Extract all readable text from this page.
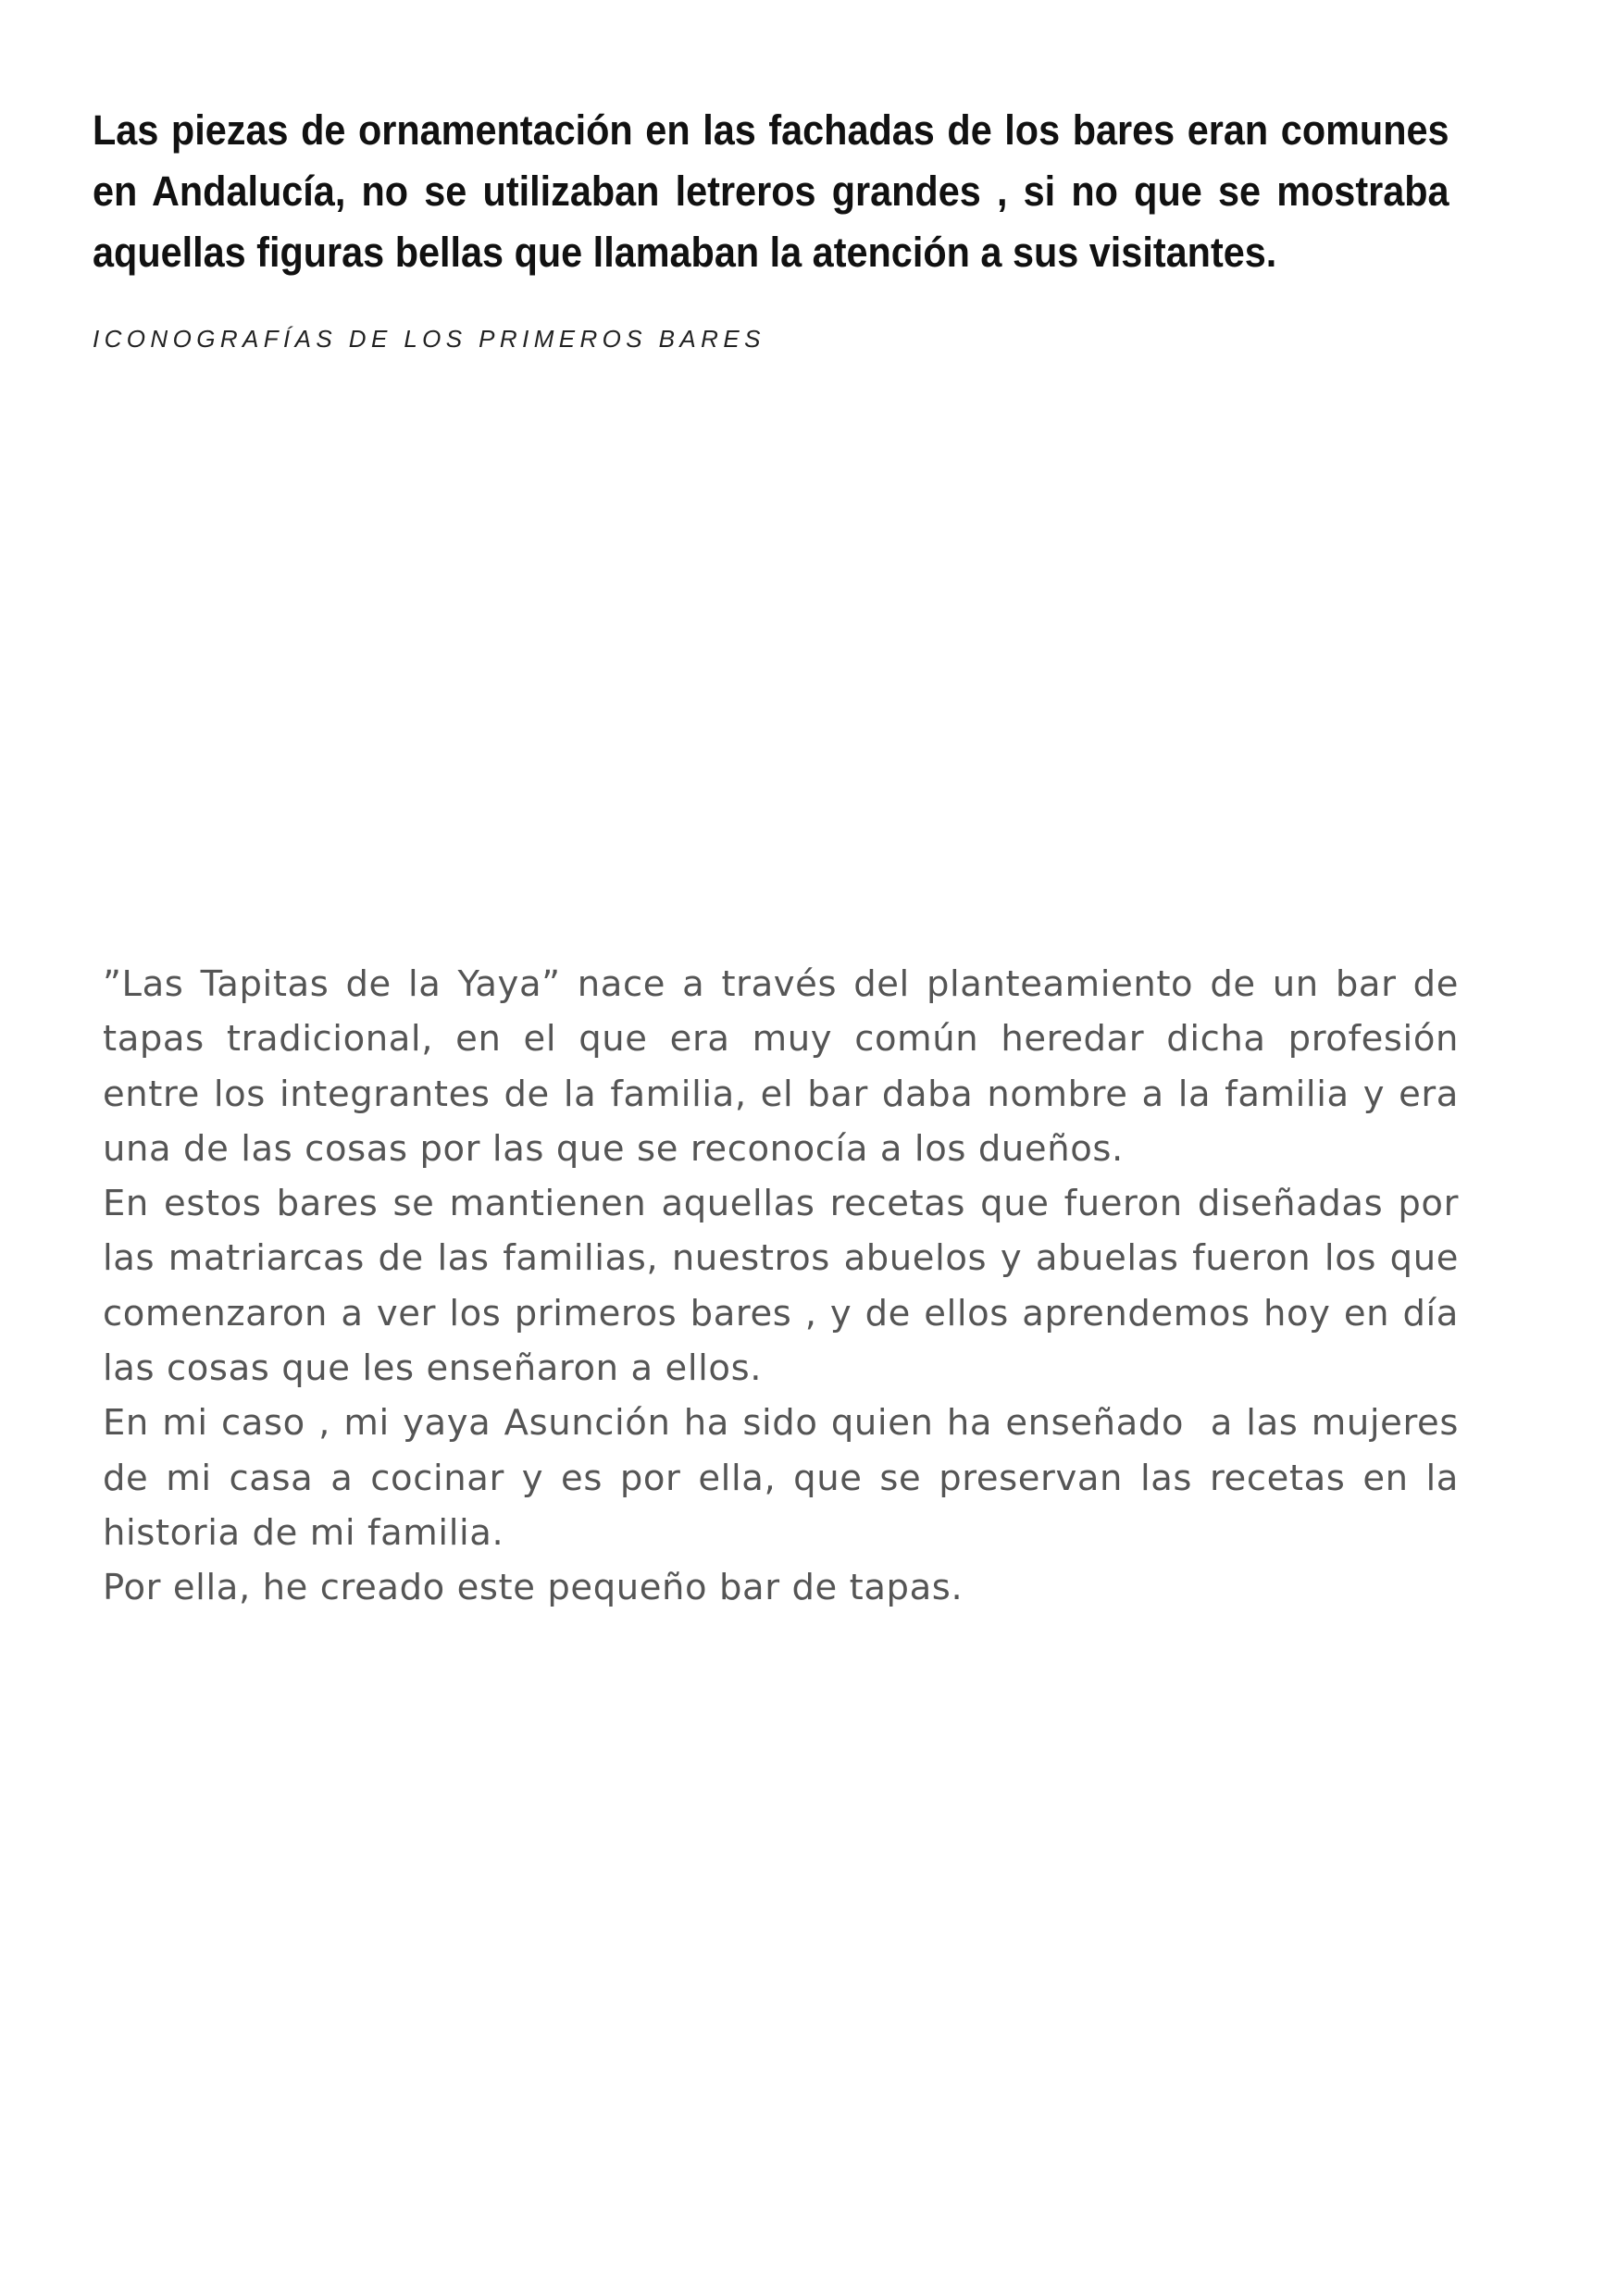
Las piezas de ornamentación en las fachadas de los bares eran comunes en Andalucía, no se utilizaban letreros grandes , si no que se mostraba aquellas figuras bellas que llamaban la atención a sus visitantes.

ICONOGRAFÍAS DE LOS PRIMEROS BARES

”Las Tapitas de la Yaya” nace a través del planteamiento de un bar de tapas tradicional, en el que era muy común heredar dicha profesión entre los integrantes de la familia, el bar daba nombre a la familia y era una de las cosas por las que se reconocía a los dueños.

En estos bares se mantienen aquellas recetas que fueron diseñadas por las matriarcas de las familias, nuestros abuelos y abuelas fueron los que comenzaron a ver los primeros bares , y de ellos aprendemos hoy en día las cosas que les enseñaron a ellos.

En mi caso , mi yaya Asunción ha sido quien ha enseñado  a las mujeres de mi casa a cocinar y es por ella, que se preservan las recetas en la historia de mi familia.

Por ella, he creado este pequeño bar de tapas.
